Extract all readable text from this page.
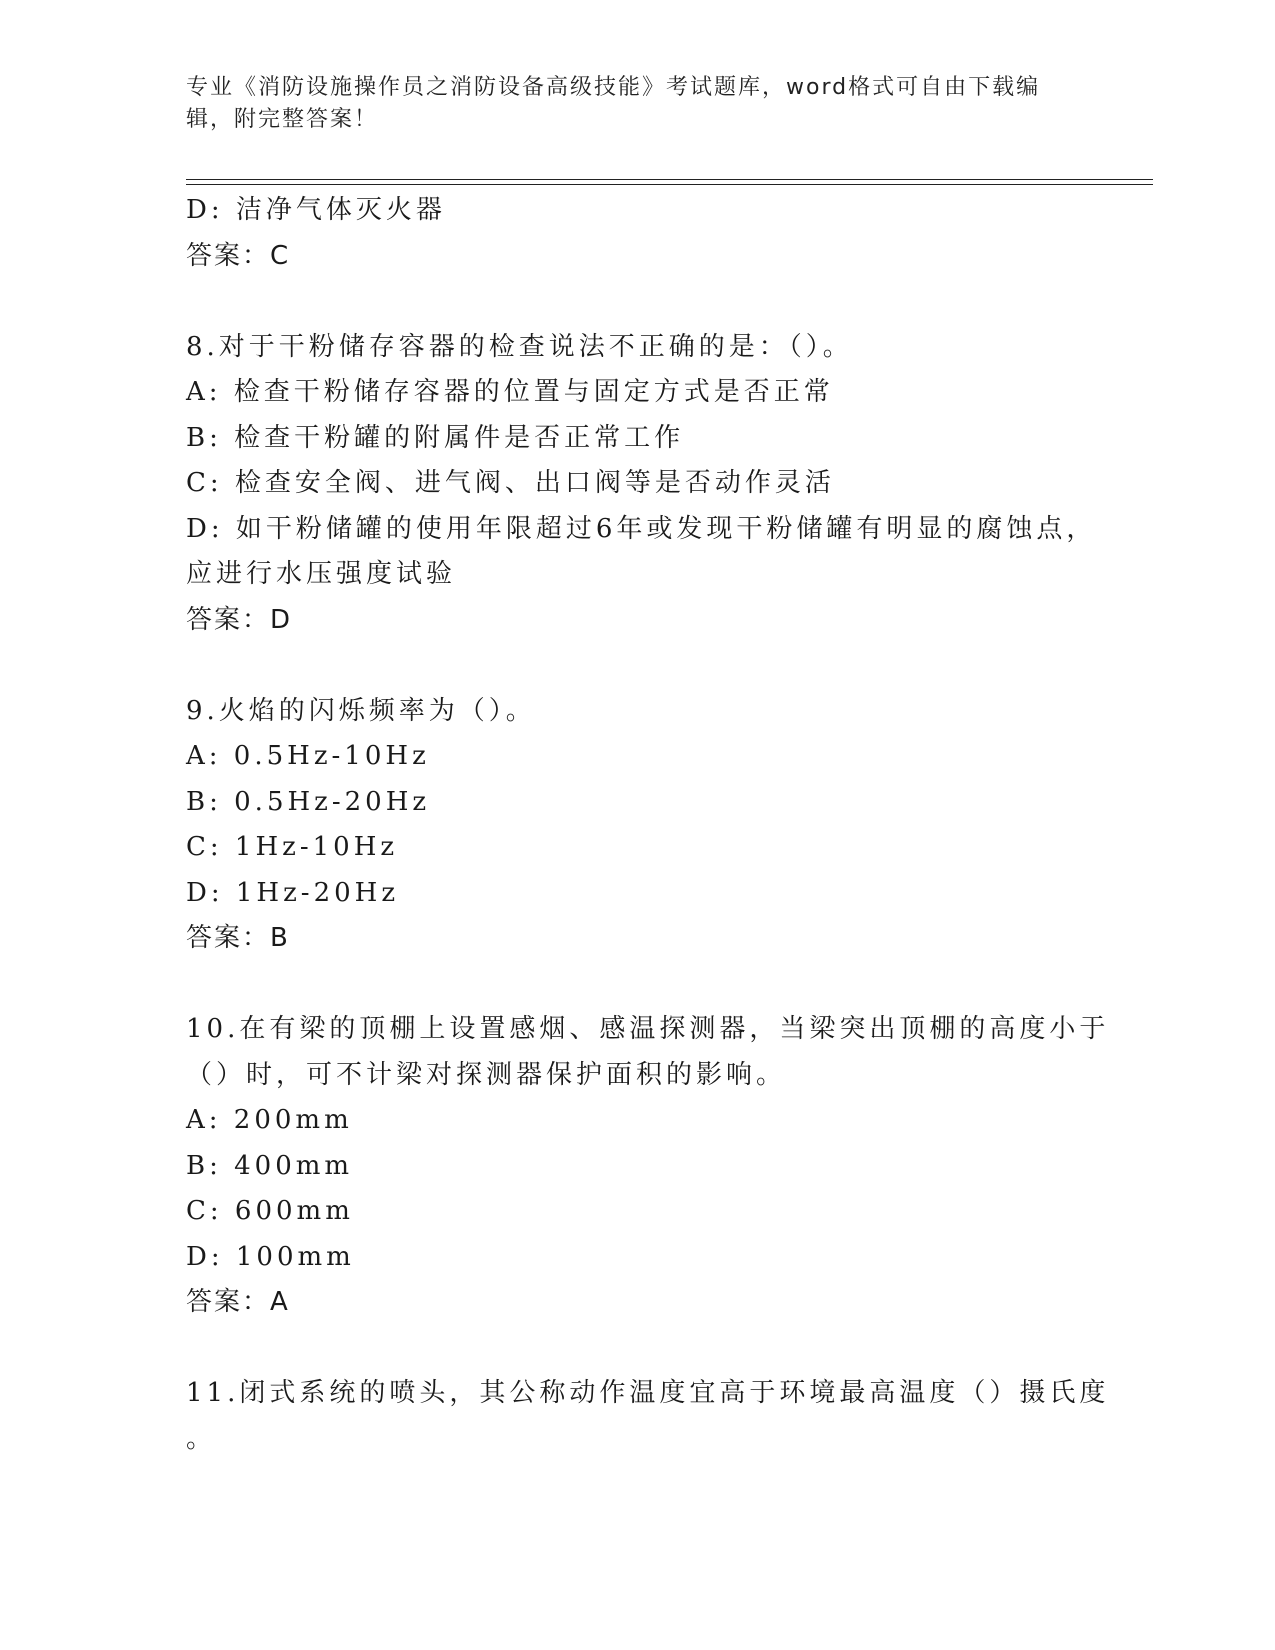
专业《消防设施操作员之消防设备高级技能》考试题库，word格式可自由下载编辑，附完整答案！
D: 洁净气体灭火器
答案：C
8.对于干粉储存容器的检查说法不正确的是：（）。
A: 检查干粉储存容器的位置与固定方式是否正常
B: 检查干粉罐的附属件是否正常工作
C: 检查安全阀、进气阀、出口阀等是否动作灵活
D: 如干粉储罐的使用年限超过6年或发现干粉储罐有明显的腐蚀点，
应进行水压强度试验
答案：D
9.火焰的闪烁频率为（）。
A: 0.5Hz-10Hz
B: 0.5Hz-20Hz
C: 1Hz-10Hz
D: 1Hz-20Hz
答案：B
10.在有梁的顶棚上设置感烟、感温探测器，当梁突出顶棚的高度小于
（）时，可不计梁对探测器保护面积的影响。
A: 200mm
B: 400mm
C: 600mm
D: 100mm
答案：A
11.闭式系统的喷头，其公称动作温度宜高于环境最高温度（）摄氏度
。
